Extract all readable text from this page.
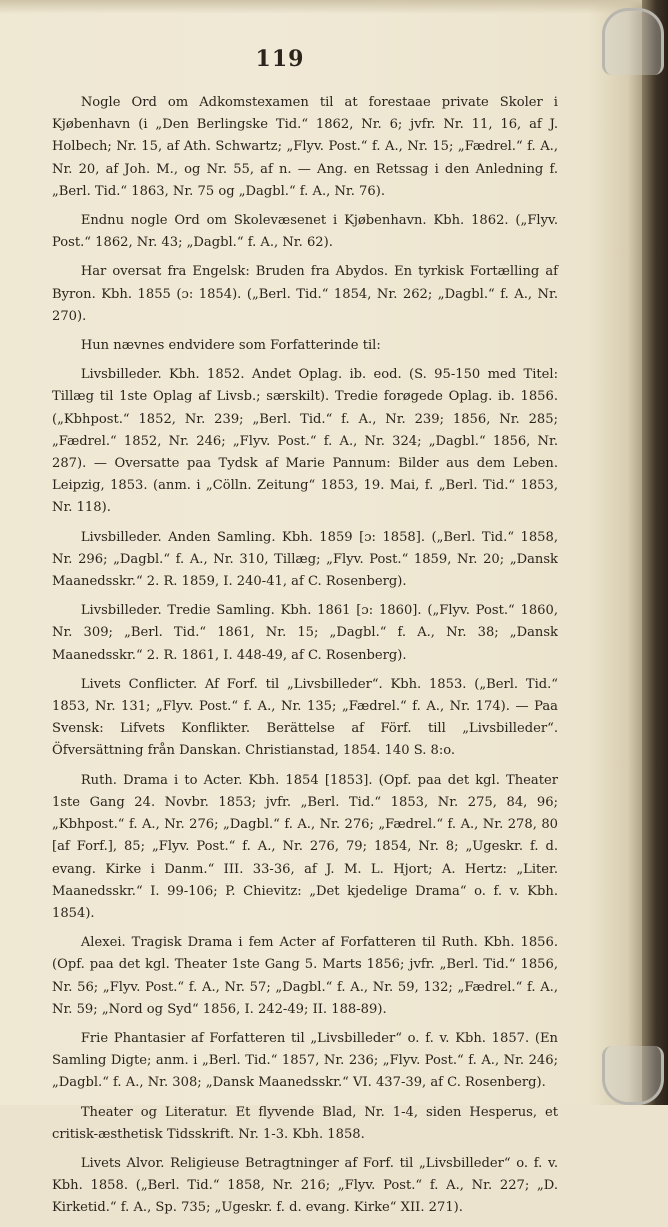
119

Nogle Ord om Adkomstexamen til at forestaae private Skoler i Kjøbenhavn (i „Den Berlingske Tid.“ 1862, Nr. 6; jvfr. Nr. 11, 16, af J. Holbech; Nr. 15, af Ath. Schwartz; „Flyv. Post.“ f. A., Nr. 15; „Fædrel.“ f. A., Nr. 20, af Joh. M., og Nr. 55, af n. — Ang. en Retssag i den Anledning f. „Berl. Tid.“ 1863, Nr. 75 og „Dagbl.“ f. A., Nr. 76).

Endnu nogle Ord om Skolevæsenet i Kjøbenhavn. Kbh. 1862. („Flyv. Post.“ 1862, Nr. 43; „Dagbl.“ f. A., Nr. 62).

Har oversat fra Engelsk: Bruden fra Abydos. En tyrkisk Fortælling af Byron. Kbh. 1855 (ɔ: 1854). („Berl. Tid.“ 1854, Nr. 262; „Dagbl.“ f. A., Nr. 270).

Hun nævnes endvidere som Forfatterinde til:

Livsbilleder. Kbh. 1852. Andet Oplag. ib. eod. (S. 95-150 med Titel: Tillæg til 1ste Oplag af Livsb.; særskilt). Tredie forøgede Oplag. ib. 1856. („Kbhpost.“ 1852, Nr. 239; „Berl. Tid.“ f. A., Nr. 239; 1856, Nr. 285; „Fædrel.“ 1852, Nr. 246; „Flyv. Post.“ f. A., Nr. 324; „Dagbl.“ 1856, Nr. 287). — Oversatte paa Tydsk af Marie Pannum: Bilder aus dem Leben. Leipzig, 1853. (anm. i „Cölln. Zeitung“ 1853, 19. Mai, f. „Berl. Tid.“ 1853, Nr. 118).

Livsbilleder. Anden Samling. Kbh. 1859 [ɔ: 1858]. („Berl. Tid.“ 1858, Nr. 296; „Dagbl.“ f. A., Nr. 310, Tillæg; „Flyv. Post.“ 1859, Nr. 20; „Dansk Maanedsskr.“ 2. R. 1859, I. 240-41, af C. Rosenberg).

Livsbilleder. Tredie Samling. Kbh. 1861 [ɔ: 1860]. („Flyv. Post.“ 1860, Nr. 309; „Berl. Tid.“ 1861, Nr. 15; „Dagbl.“ f. A., Nr. 38; „Dansk Maanedsskr.“ 2. R. 1861, I. 448-49, af C. Rosenberg).

Livets Conflicter. Af Forf. til „Livsbilleder“. Kbh. 1853. („Berl. Tid.“ 1853, Nr. 131; „Flyv. Post.“ f. A., Nr. 135; „Fædrel.“ f. A., Nr. 174). — Paa Svensk: Lifvets Konflikter. Berättelse af Förf. till „Livsbilleder“. Öfversättning från Danskan. Christianstad, 1854. 140 S. 8:o.

Ruth. Drama i to Acter. Kbh. 1854 [1853]. (Opf. paa det kgl. Theater 1ste Gang 24. Novbr. 1853; jvfr. „Berl. Tid.“ 1853, Nr. 275, 84, 96; „Kbhpost.“ f. A., Nr. 276; „Dagbl.“ f. A., Nr. 276; „Fædrel.“ f. A., Nr. 278, 80 [af Forf.], 85; „Flyv. Post.“ f. A., Nr. 276, 79; 1854, Nr. 8; „Ugeskr. f. d. evang. Kirke i Danm.“ III. 33-36, af J. M. L. Hjort; A. Hertz: „Liter. Maanedsskr.“ I. 99-106; P. Chievitz: „Det kjedelige Drama“ o. f. v. Kbh. 1854).

Alexei. Tragisk Drama i fem Acter af Forfatteren til Ruth. Kbh. 1856. (Opf. paa det kgl. Theater 1ste Gang 5. Marts 1856; jvfr. „Berl. Tid.“ 1856, Nr. 56; „Flyv. Post.“ f. A., Nr. 57; „Dagbl.“ f. A., Nr. 59, 132; „Fædrel.“ f. A., Nr. 59; „Nord og Syd“ 1856, I. 242-49; II. 188-89).

Frie Phantasier af Forfatteren til „Livsbilleder“ o. f. v. Kbh. 1857. (En Samling Digte; anm. i „Berl. Tid.“ 1857, Nr. 236; „Flyv. Post.“ f. A., Nr. 246; „Dagbl.“ f. A., Nr. 308; „Dansk Maanedsskr.“ VI. 437-39, af C. Rosenberg).

Theater og Literatur. Et flyvende Blad, Nr. 1-4, siden Hesperus, et critisk-æsthetisk Tidsskrift. Nr. 1-3. Kbh. 1858.

Livets Alvor. Religieuse Betragtninger af Forf. til „Livsbilleder“ o. f. v. Kbh. 1858. („Berl. Tid.“ 1858, Nr. 216; „Flyv. Post.“ f. A., Nr. 227; „D. Kirketid.“ f. A., Sp. 735; „Ugeskr. f. d. evang. Kirke“ XII. 271).
